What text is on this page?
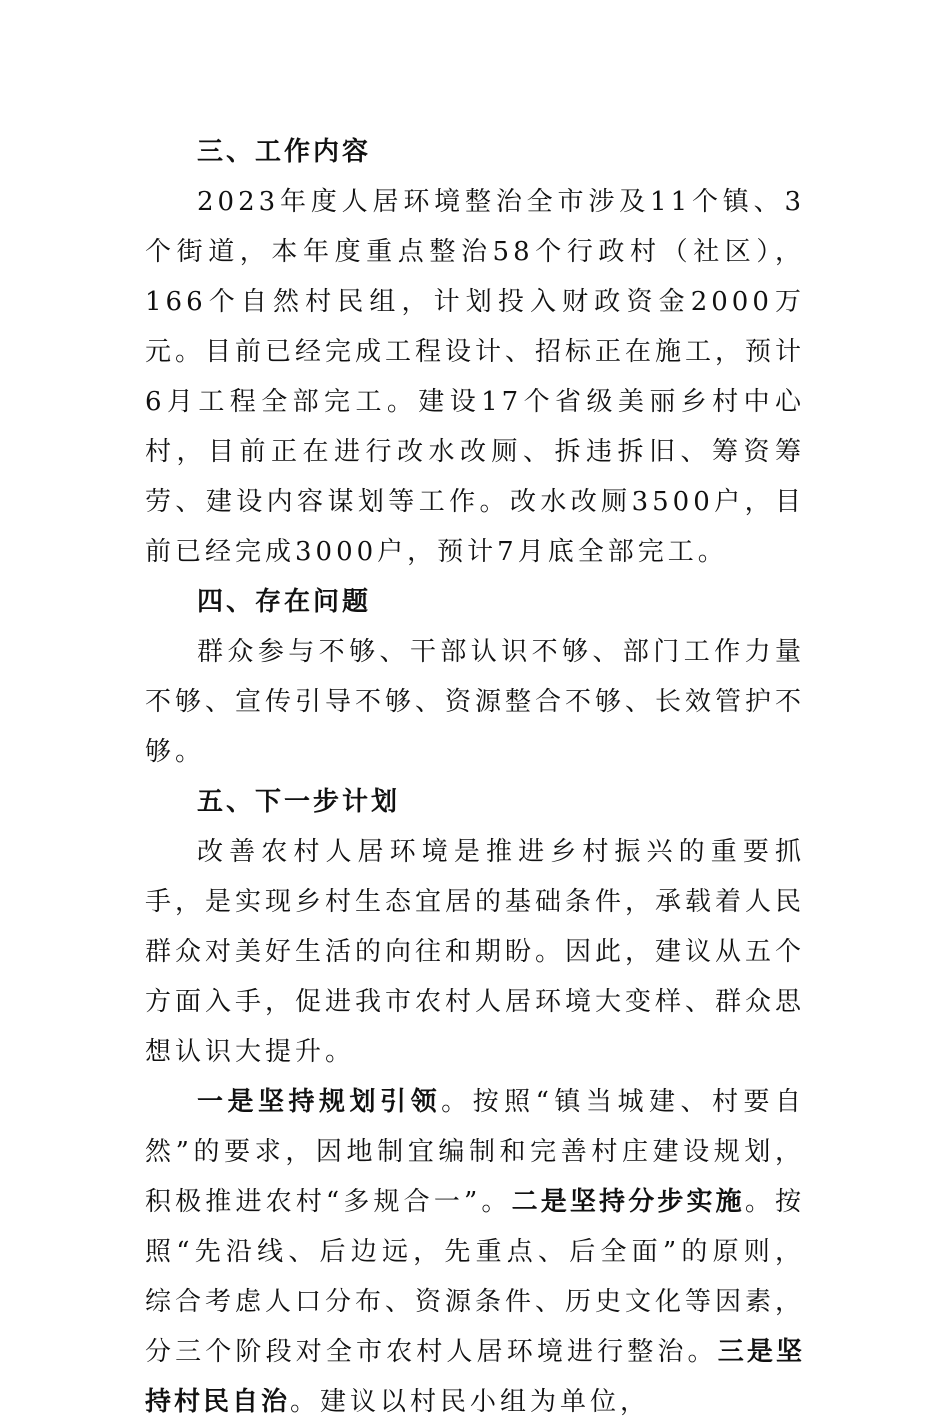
三、工作内容

2023年度人居环境整治全市涉及11个镇、3个街道，本年度重点整治58个行政村（社区），166个自然村民组，计划投入财政资金2000万元。目前已经完成工程设计、招标正在施工，预计6月工程全部完工。建设17个省级美丽乡村中心村，目前正在进行改水改厕、拆违拆旧、筹资筹劳、建设内容谋划等工作。改水改厕3500户，目前已经完成3000户，预计7月底全部完工。

四、存在问题

群众参与不够、干部认识不够、部门工作力量不够、宣传引导不够、资源整合不够、长效管护不够。

五、下一步计划

改善农村人居环境是推进乡村振兴的重要抓手，是实现乡村生态宜居的基础条件，承载着人民群众对美好生活的向往和期盼。因此，建议从五个方面入手，促进我市农村人居环境大变样、群众思想认识大提升。

一是坚持规划引领。按照“镇当城建、村要自然”的要求，因地制宜编制和完善村庄建设规划，积极推进农村“多规合一”。二是坚持分步实施。按照“先沿线、后边远，先重点、后全面”的原则，综合考虑人口分布、资源条件、历史文化等因素，分三个阶段对全市农村人居环境进行整治。三是坚持村民自治。建议以村民小组为单位，
